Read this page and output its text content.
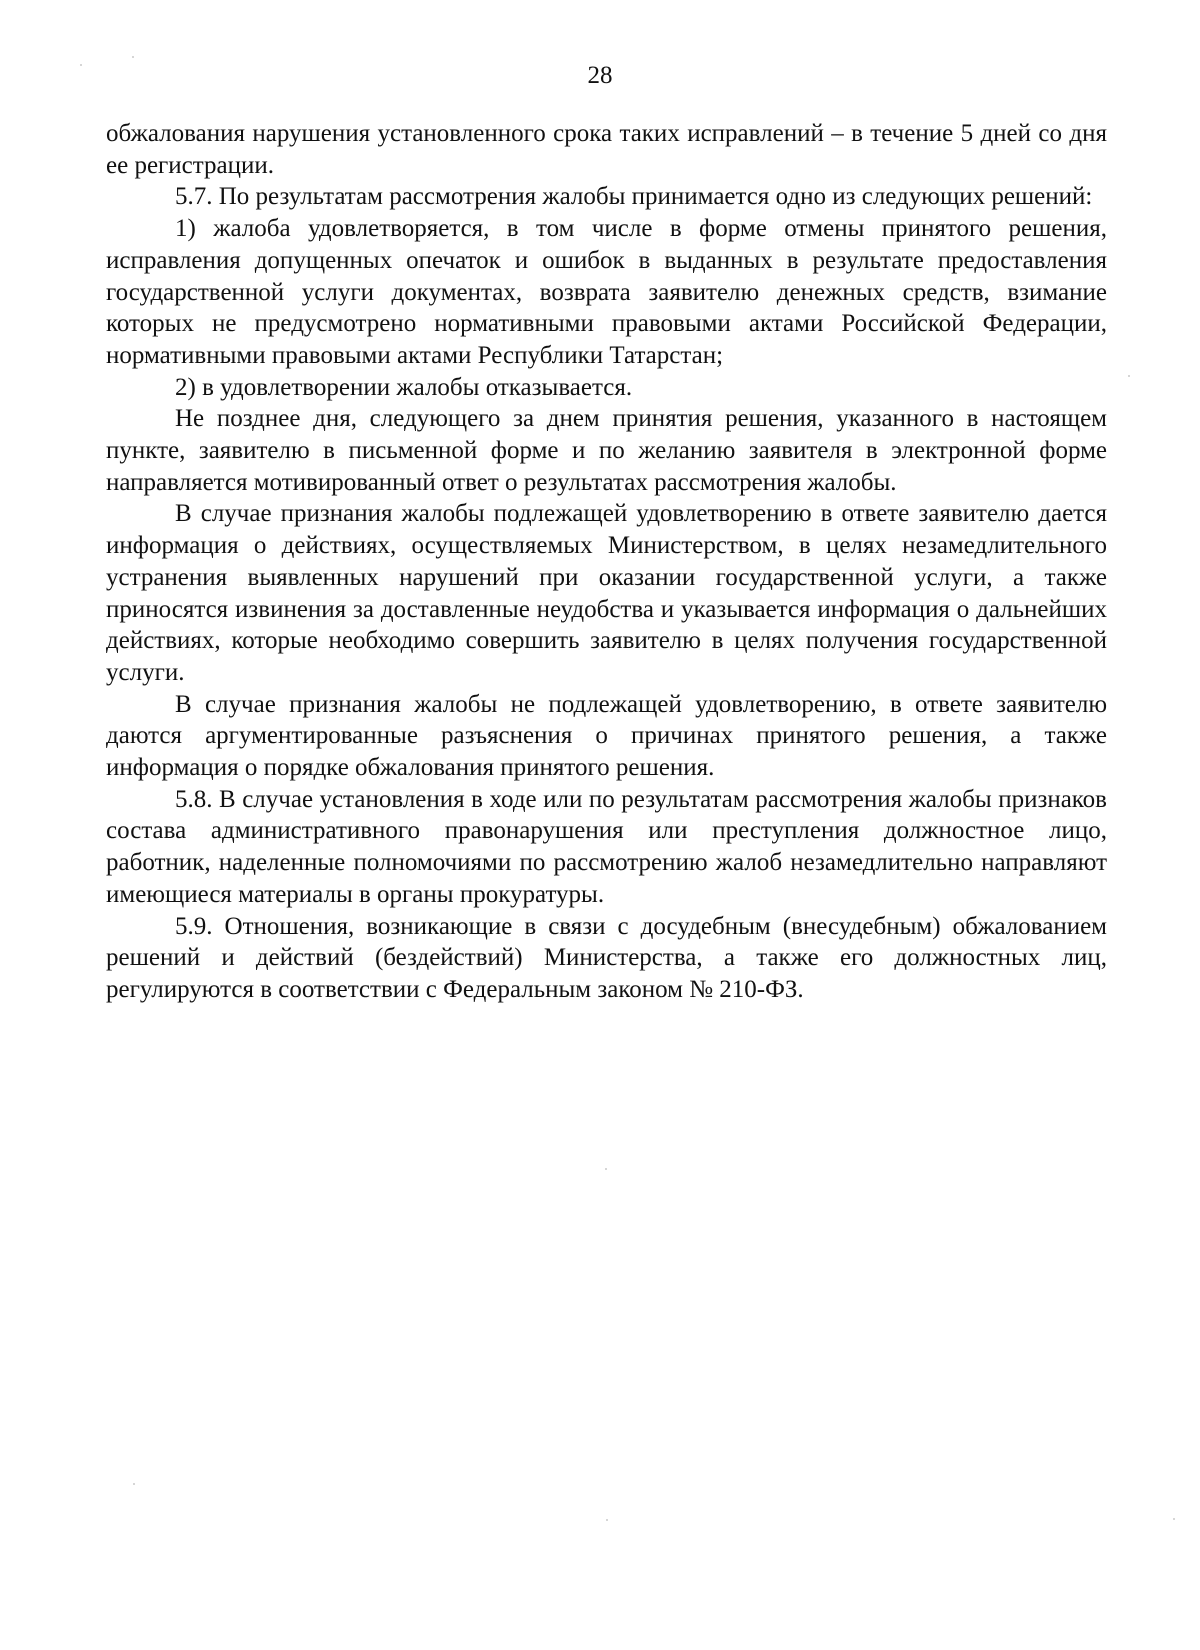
28

обжалования нарушения установленного срока таких исправлений – в течение 5 дней со дня ее регистрации.

5.7. По результатам рассмотрения жалобы принимается одно из следующих решений:

1) жалоба удовлетворяется, в том числе в форме отмены принятого решения, исправления допущенных опечаток и ошибок в выданных в результате предоставления государственной услуги документах, возврата заявителю денежных средств, взимание которых не предусмотрено нормативными правовыми актами Российской Федерации, нормативными правовыми актами Республики Татарстан;

2) в удовлетворении жалобы отказывается.

Не позднее дня, следующего за днем принятия решения, указанного в настоящем пункте, заявителю в письменной форме и по желанию заявителя в электронной форме направляется мотивированный ответ о результатах рассмотрения жалобы.

В случае признания жалобы подлежащей удовлетворению в ответе заявителю дается информация о действиях, осуществляемых Министерством, в целях незамедлительного устранения выявленных нарушений при оказании государственной услуги, а также приносятся извинения за доставленные неудобства и указывается информация о дальнейших действиях, которые необходимо совершить заявителю в целях получения государственной услуги.

В случае признания жалобы не подлежащей удовлетворению, в ответе заявителю даются аргументированные разъяснения о причинах принятого решения, а также информация о порядке обжалования принятого решения.

5.8. В случае установления в ходе или по результатам рассмотрения жалобы признаков состава административного правонарушения или преступления должностное лицо, работник, наделенные полномочиями по рассмотрению жалоб незамедлительно направляют имеющиеся материалы в органы прокуратуры.

5.9. Отношения, возникающие в связи с досудебным (внесудебным) обжалованием решений и действий (бездействий) Министерства, а также его должностных лиц, регулируются в соответствии с Федеральным законом № 210-ФЗ.
